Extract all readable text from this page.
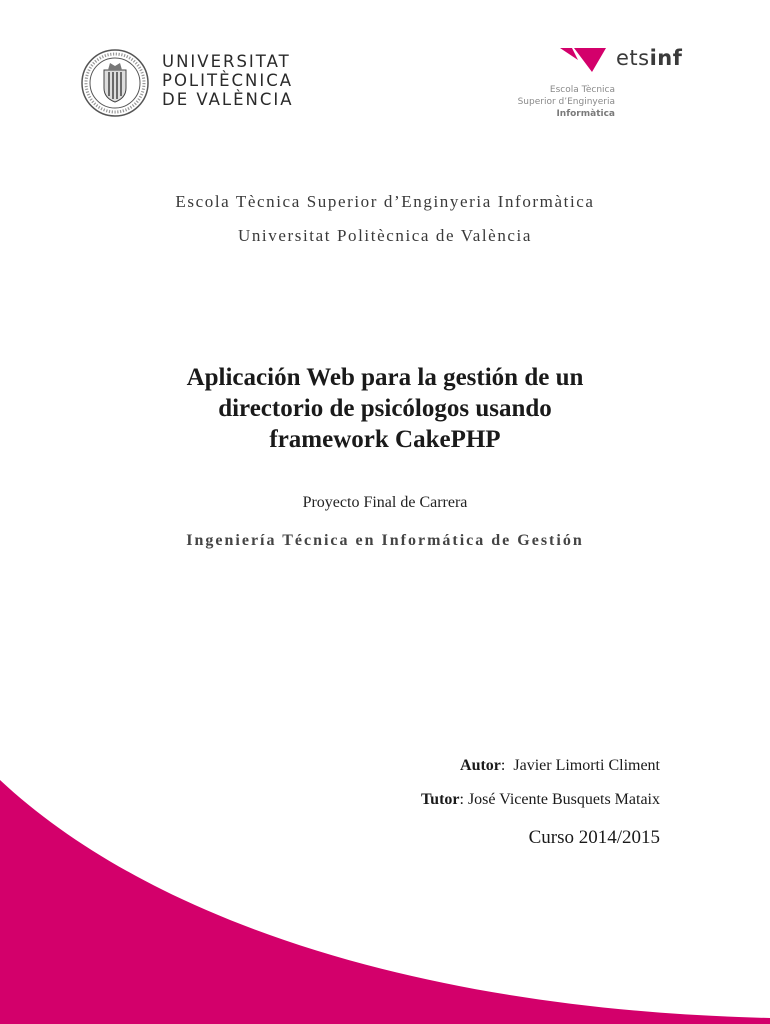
UNIVERSITAT
POLITÈCNICA
DE VALÈNCIA
etsinf
Escola Tècnica
Superior d’Enginyeria
Informàtica
Escola Tècnica Superior d’Enginyeria Informàtica
Universitat Politècnica de València
Aplicación Web para la gestión de un
directorio de psicólogos usando
framework CakePHP
Proyecto Final de Carrera
Ingeniería Técnica en Informática de Gestión
Autor:  Javier Limorti Climent
Tutor: José Vicente Busquets Mataix
Curso 2014/2015
